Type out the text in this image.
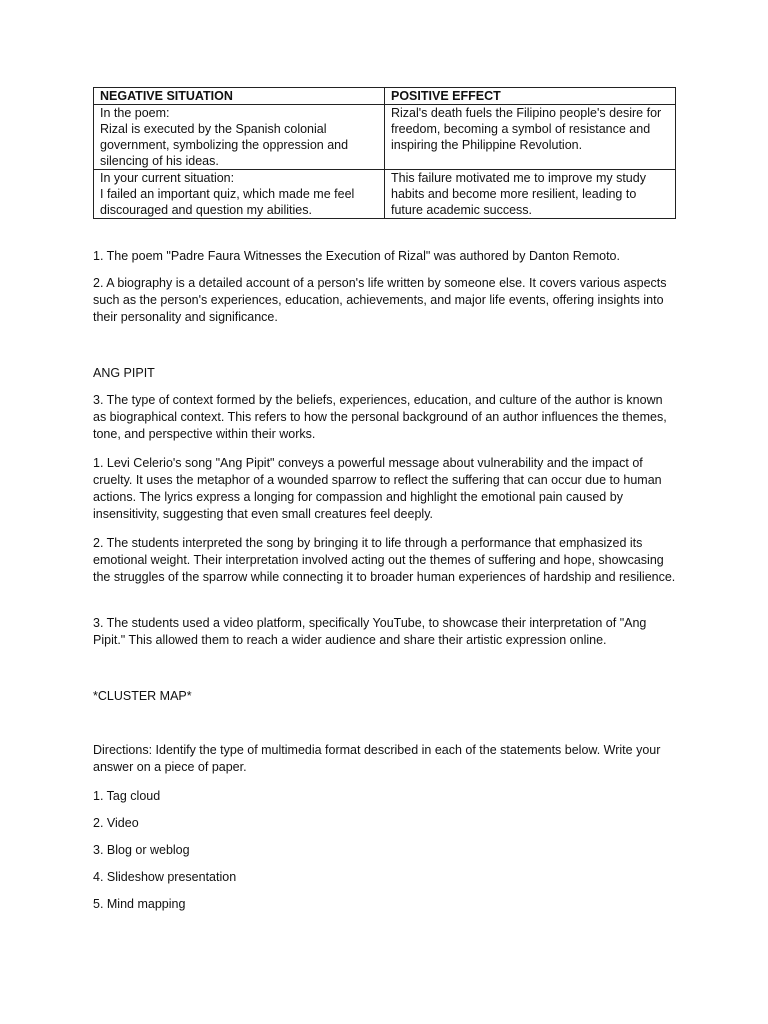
NEGATIVE SITUATION	POSITIVE EFFECT

In the poem:
Rizal is executed by the Spanish colonial government, symbolizing the oppression and silencing of his ideas.	Rizal's death fuels the Filipino people's desire for freedom, becoming a symbol of resistance and inspiring the Philippine Revolution.

In your current situation:
I failed an important quiz, which made me feel discouraged and question my abilities.	This failure motivated me to improve my study habits and become more resilient, leading to future academic success.

1. The poem "Padre Faura Witnesses the Execution of Rizal" was authored by Danton Remoto.

2. A biography is a detailed account of a person's life written by someone else. It covers various aspects such as the person's experiences, education, achievements, and major life events, offering insights into their personality and significance.

ANG PIPIT

3. The type of context formed by the beliefs, experiences, education, and culture of the author is known as biographical context. This refers to how the personal background of an author influences the themes, tone, and perspective within their works.

1. Levi Celerio's song "Ang Pipit" conveys a powerful message about vulnerability and the impact of cruelty. It uses the metaphor of a wounded sparrow to reflect the suffering that can occur due to human actions. The lyrics express a longing for compassion and highlight the emotional pain caused by insensitivity, suggesting that even small creatures feel deeply.

2. The students interpreted the song by bringing it to life through a performance that emphasized its emotional weight. Their interpretation involved acting out the themes of suffering and hope, showcasing the struggles of the sparrow while connecting it to broader human experiences of hardship and resilience.

3. The students used a video platform, specifically YouTube, to showcase their interpretation of "Ang Pipit." This allowed them to reach a wider audience and share their artistic expression online.

*CLUSTER MAP*

Directions: Identify the type of multimedia format described in each of the statements below. Write your answer on a piece of paper.

1. Tag cloud

2. Video

3. Blog or weblog

4. Slideshow presentation

5. Mind mapping
